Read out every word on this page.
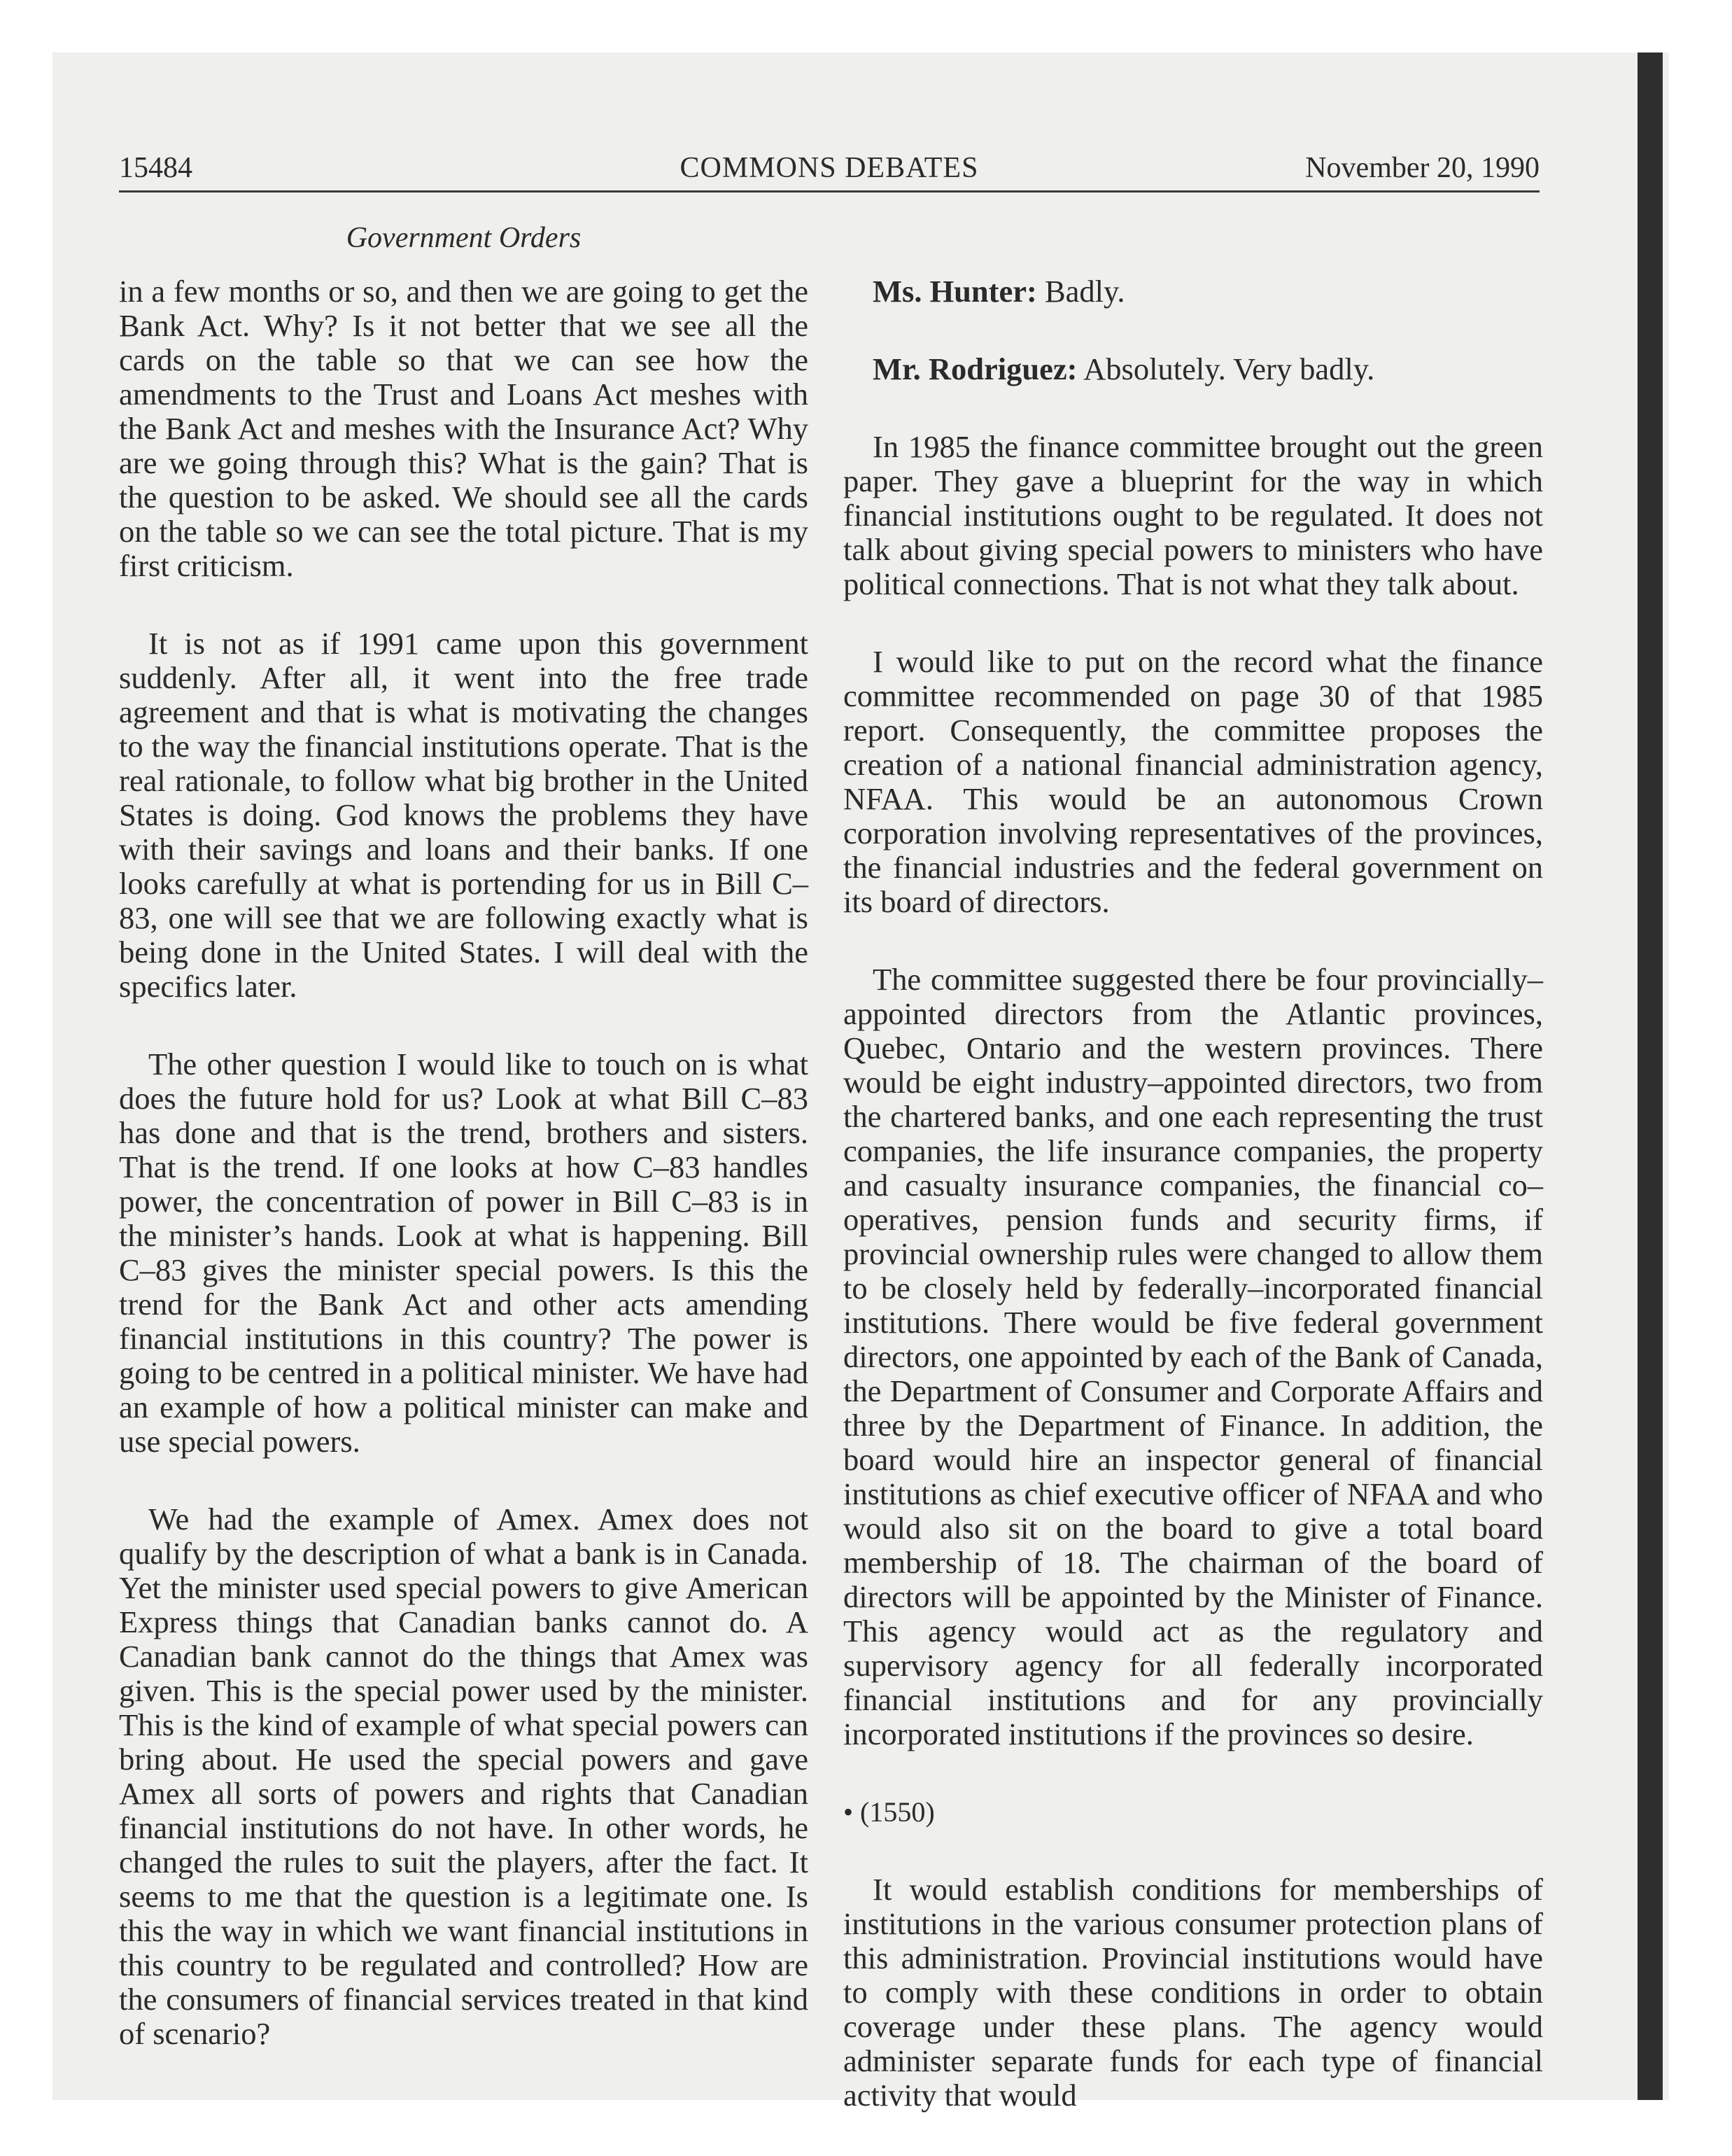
15484	COMMONS DEBATES	November 20, 1990
Government Orders

in a few months or so, and then we are going to get the Bank Act. Why? Is it not better that we see all the cards on the table so that we can see how the amendments to the Trust and Loans Act meshes with the Bank Act and meshes with the Insurance Act? Why are we going through this? What is the gain? That is the question to be asked. We should see all the cards on the table so we can see the total picture. That is my first criticism.

It is not as if 1991 came upon this government suddenly. After all, it went into the free trade agreement and that is what is motivating the changes to the way the financial institutions operate. That is the real rationale, to follow what big brother in the United States is doing. God knows the problems they have with their savings and loans and their banks. If one looks carefully at what is portending for us in Bill C–83, one will see that we are following exactly what is being done in the United States. I will deal with the specifics later.

The other question I would like to touch on is what does the future hold for us? Look at what Bill C–83 has done and that is the trend, brothers and sisters. That is the trend. If one looks at how C–83 handles power, the concentration of power in Bill C–83 is in the minister’s hands. Look at what is happening. Bill C–83 gives the minister special powers. Is this the trend for the Bank Act and other acts amending financial institutions in this country? The power is going to be centred in a political minister. We have had an example of how a political minister can make and use special powers.

We had the example of Amex. Amex does not qualify by the description of what a bank is in Canada. Yet the minister used special powers to give American Express things that Canadian banks cannot do. A Canadian bank cannot do the things that Amex was given. This is the special power used by the minister. This is the kind of example of what special powers can bring about. He used the special powers and gave Amex all sorts of powers and rights that Canadian financial institutions do not have. In other words, he changed the rules to suit the players, after the fact. It seems to me that the question is a legitimate one. Is this the way in which we want financial institutions in this country to be regulated and controlled? How are the consumers of financial services treated in that kind of scenario?

Ms. Hunter: Badly.

Mr. Rodriguez: Absolutely. Very badly.

In 1985 the finance committee brought out the green paper. They gave a blueprint for the way in which financial institutions ought to be regulated. It does not talk about giving special powers to ministers who have political connections. That is not what they talk about.

I would like to put on the record what the finance committee recommended on page 30 of that 1985 report. Consequently, the committee proposes the creation of a national financial administration agency, NFAA. This would be an autonomous Crown corporation involving representatives of the provinces, the financial industries and the federal government on its board of directors.

The committee suggested there be four provincially–appointed directors from the Atlantic provinces, Quebec, Ontario and the western provinces. There would be eight industry–appointed directors, two from the chartered banks, and one each representing the trust companies, the life insurance companies, the property and casualty insurance companies, the financial co–operatives, pension funds and security firms, if provincial ownership rules were changed to allow them to be closely held by federally–incorporated financial institutions. There would be five federal government directors, one appointed by each of the Bank of Canada, the Department of Consumer and Corporate Affairs and three by the Department of Finance. In addition, the board would hire an inspector general of financial institutions as chief executive officer of NFAA and who would also sit on the board to give a total board membership of 18. The chairman of the board of directors will be appointed by the Minister of Finance. This agency would act as the regulatory and supervisory agency for all federally incorporated financial institutions and for any provincially incorporated institutions if the provinces so desire.

• (1550)

It would establish conditions for memberships of institutions in the various consumer protection plans of this administration. Provincial institutions would have to comply with these conditions in order to obtain coverage under these plans. The agency would administer separate funds for each type of financial activity that would
